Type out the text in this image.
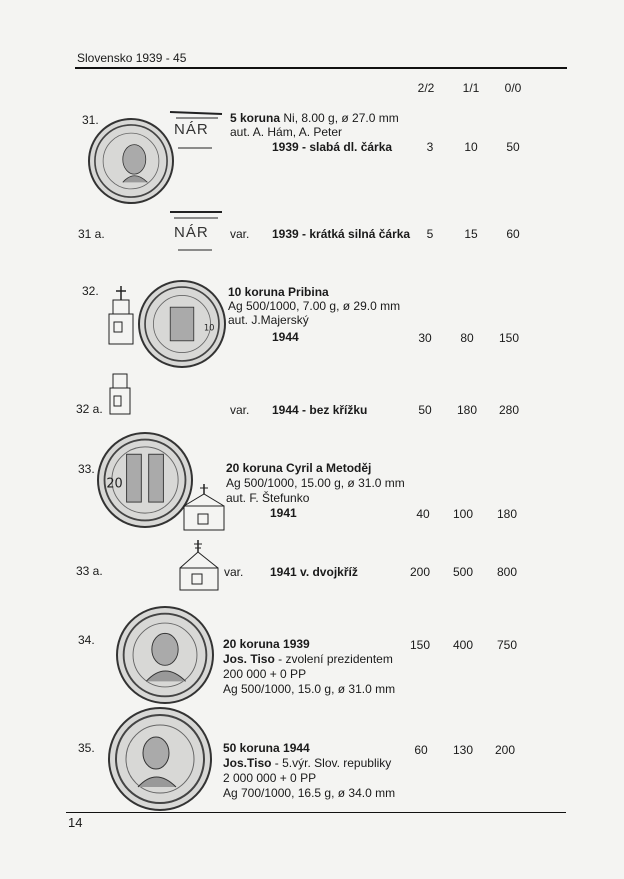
Slovensko 1939 - 45
2/2	1/1	0/0
31.
NÁR
5 koruna Ni, 8.00 g, ø 27.0 mm
aut. A. Hám, A. Peter
1939 - slabá dl. čárka	3	10	50
31 a.	NÁR var. 1939 - krátká silná čárka	5	15	60
32.
10
10 koruna Pribina
Ag 500/1000, 7.00 g, ø 29.0 mm
aut. J.Majerský
1944	30	80	150
32 a.	var. 1944 - bez křížku	50	180	280
33.
20
20 koruna Cyril a Metoděj
Ag 500/1000, 15.00 g, ø 31.0 mm
aut. F. Štefunko
1941	40	100	180
33 a.	var. 1941 v. dvojkříž	200	500	800
34.	20 koruna 1939
Jos. Tiso - zvolení prezidentem
200 000 + 0 PP
Ag 500/1000, 15.0 g, ø 31.0 mm
150	400	750
35.	50 koruna 1944
Jos.Tiso - 5.výr. Slov. republiky
2 000 000 + 0 PP
Ag 700/1000, 16.5 g, ø 34.0 mm
60	130	200
14
